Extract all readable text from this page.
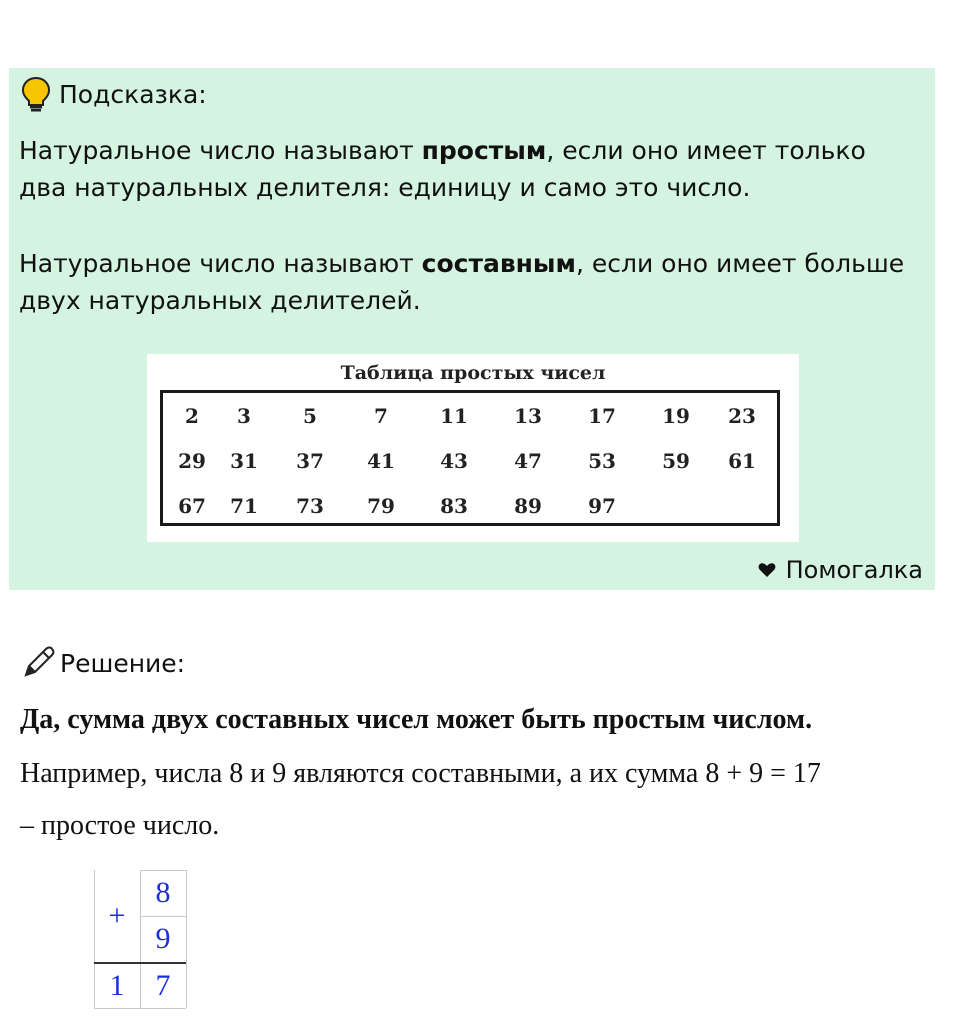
Подсказка:
Натуральное число называют простым, если оно имеет только два натуральных делителя: единицу и само это число.
Натуральное число называют составным, если оно имеет больше двух натуральных делителей.
Таблица простых чисел
2	3	5	7	11	13	17	19	23
29	31	37	41	43	47	53	59	61
67	71	73	79	83	89	97
Помогалка
Решение:
Да, сумма двух составных чисел может быть простым числом.
Например, числа 8 и 9 являются составными, а их сумма 8 + 9 = 17
– простое число.
+
8
9
1	7
